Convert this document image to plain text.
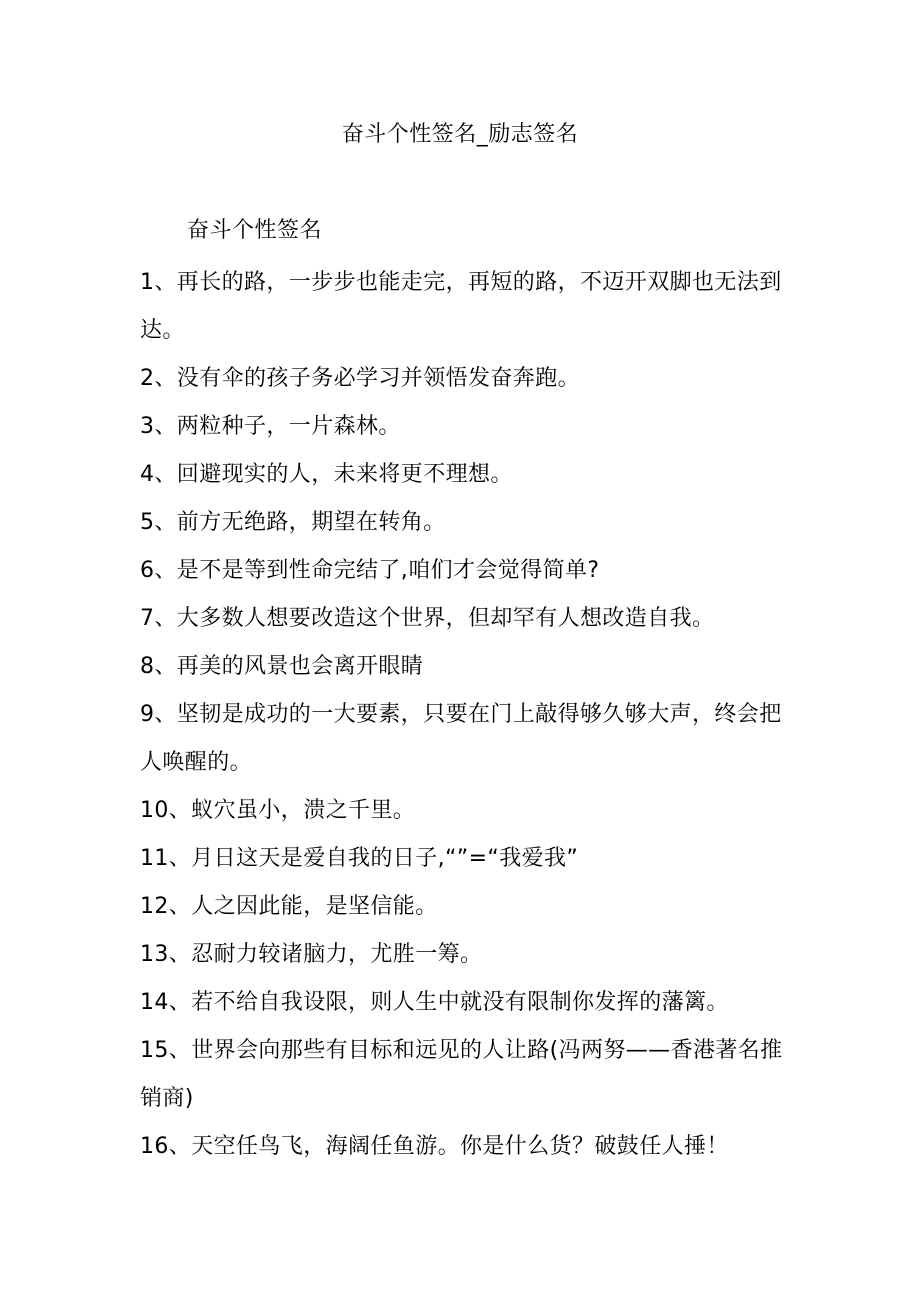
奋斗个性签名_励志签名
奋斗个性签名
1、再长的路，一步步也能走完，再短的路，不迈开双脚也无法到达。
2、没有伞的孩子务必学习并领悟发奋奔跑。
3、两粒种子，一片森林。
4、回避现实的人，未来将更不理想。
5、前方无绝路，期望在转角。
6、是不是等到性命完结了,咱们才会觉得简单?
7、大多数人想要改造这个世界，但却罕有人想改造自我。
8、再美的风景也会离开眼睛
9、坚韧是成功的一大要素，只要在门上敲得够久够大声，终会把人唤醒的。
10、蚁穴虽小，溃之千里。
11、月日这天是爱自我的日子,“”=“我爱我”
12、人之因此能，是坚信能。
13、忍耐力较诸脑力，尤胜一筹。
14、若不给自我设限，则人生中就没有限制你发挥的藩篱。
15、世界会向那些有目标和远见的人让路(冯两努——香港著名推销商)
16、天空任鸟飞，海阔任鱼游。你是什么货？破鼓任人捶！
